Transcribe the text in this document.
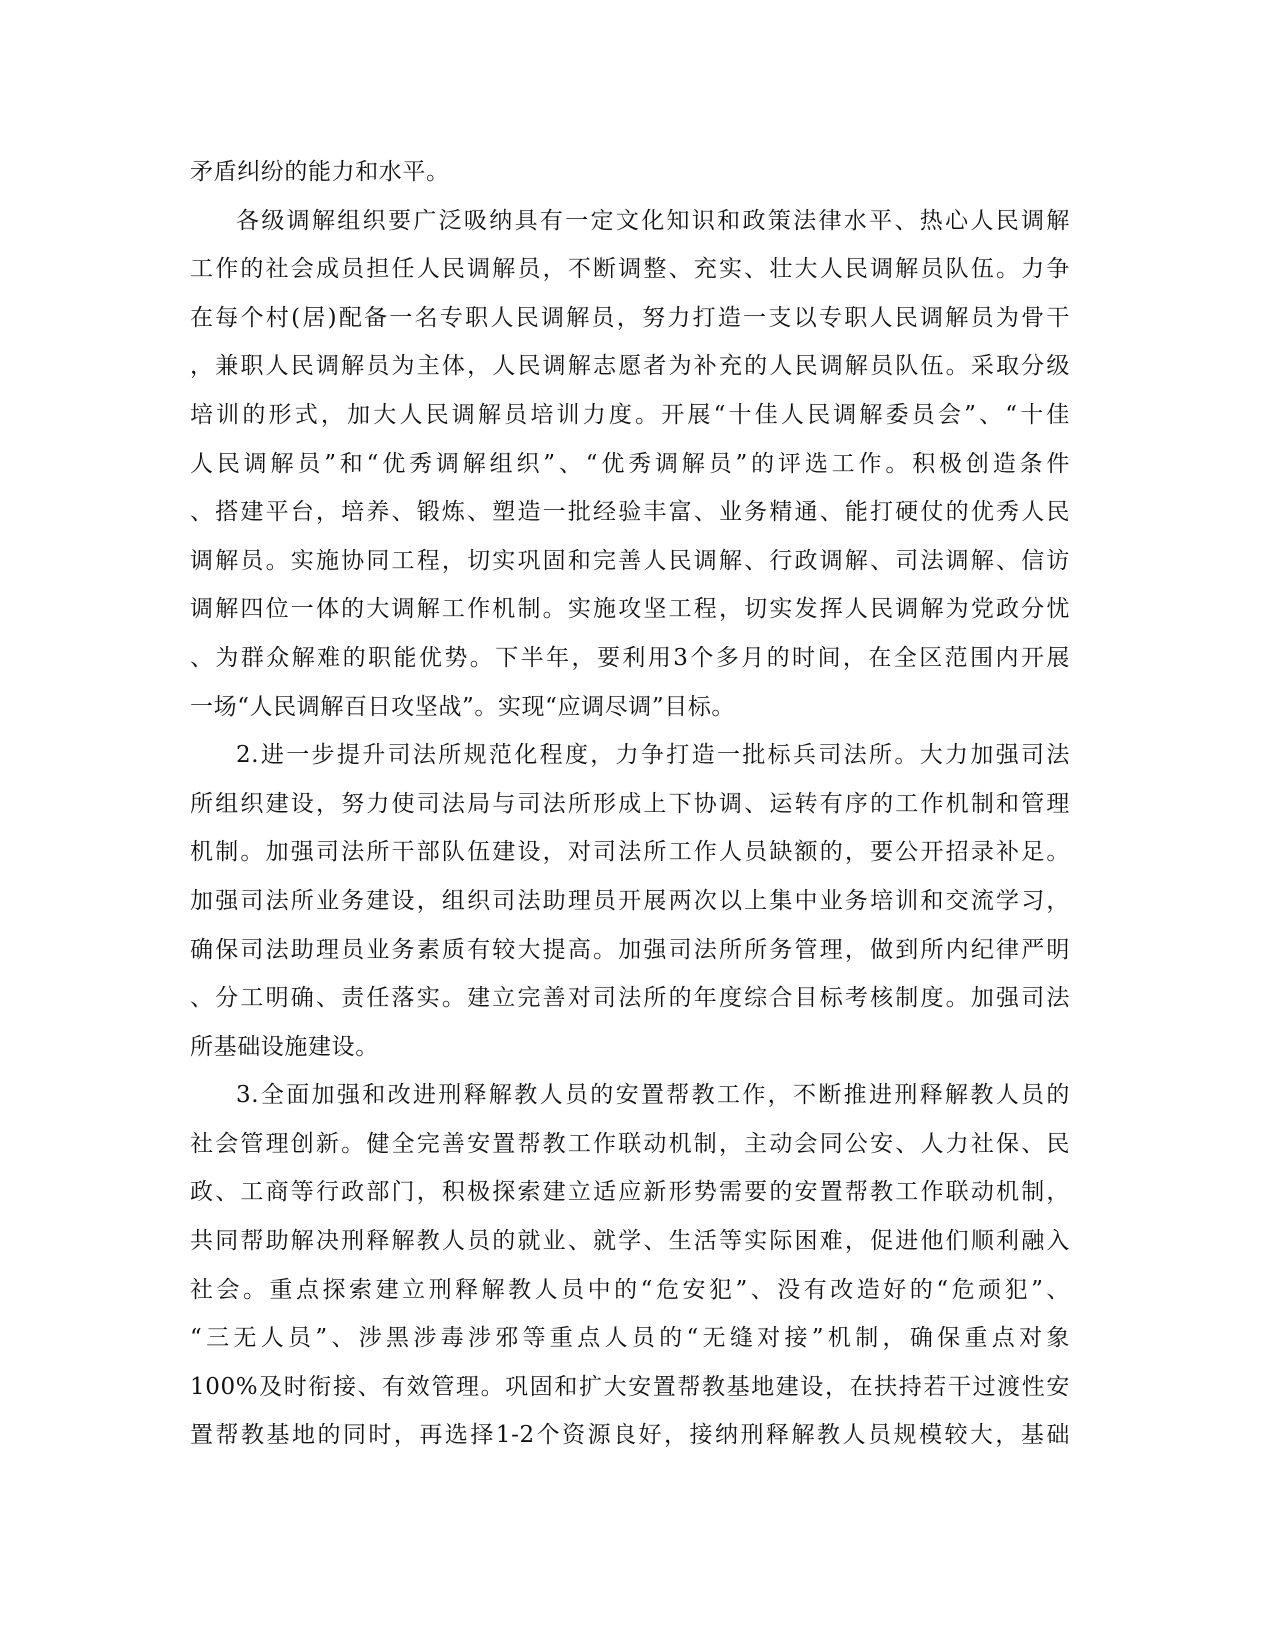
矛盾纠纷的能力和水平。
各级调解组织要广泛吸纳具有一定文化知识和政策法律水平、热心人民调解
工作的社会成员担任人民调解员，不断调整、充实、壮大人民调解员队伍。力争
在每个村(居)配备一名专职人民调解员，努力打造一支以专职人民调解员为骨干
，兼职人民调解员为主体，人民调解志愿者为补充的人民调解员队伍。采取分级
培训的形式，加大人民调解员培训力度。开展“十佳人民调解委员会”、“十佳
人民调解员”和“优秀调解组织”、“优秀调解员”的评选工作。积极创造条件
、搭建平台，培养、锻炼、塑造一批经验丰富、业务精通、能打硬仗的优秀人民
调解员。实施协同工程，切实巩固和完善人民调解、行政调解、司法调解、信访
调解四位一体的大调解工作机制。实施攻坚工程，切实发挥人民调解为党政分忧
、为群众解难的职能优势。下半年，要利用3个多月的时间，在全区范围内开展
一场“人民调解百日攻坚战”。实现“应调尽调”目标。
2.进一步提升司法所规范化程度，力争打造一批标兵司法所。大力加强司法
所组织建设，努力使司法局与司法所形成上下协调、运转有序的工作机制和管理
机制。加强司法所干部队伍建设，对司法所工作人员缺额的，要公开招录补足。
加强司法所业务建设，组织司法助理员开展两次以上集中业务培训和交流学习，
确保司法助理员业务素质有较大提高。加强司法所所务管理，做到所内纪律严明
、分工明确、责任落实。建立完善对司法所的年度综合目标考核制度。加强司法
所基础设施建设。
3.全面加强和改进刑释解教人员的安置帮教工作，不断推进刑释解教人员的
社会管理创新。健全完善安置帮教工作联动机制，主动会同公安、人力社保、民
政、工商等行政部门，积极探索建立适应新形势需要的安置帮教工作联动机制，
共同帮助解决刑释解教人员的就业、就学、生活等实际困难，促进他们顺利融入
社会。重点探索建立刑释解教人员中的“危安犯”、没有改造好的“危顽犯”、
“三无人员”、涉黑涉毒涉邪等重点人员的“无缝对接”机制，确保重点对象
100%及时衔接、有效管理。巩固和扩大安置帮教基地建设，在扶持若干过渡性安
置帮教基地的同时，再选择1-2个资源良好，接纳刑释解教人员规模较大，基础
